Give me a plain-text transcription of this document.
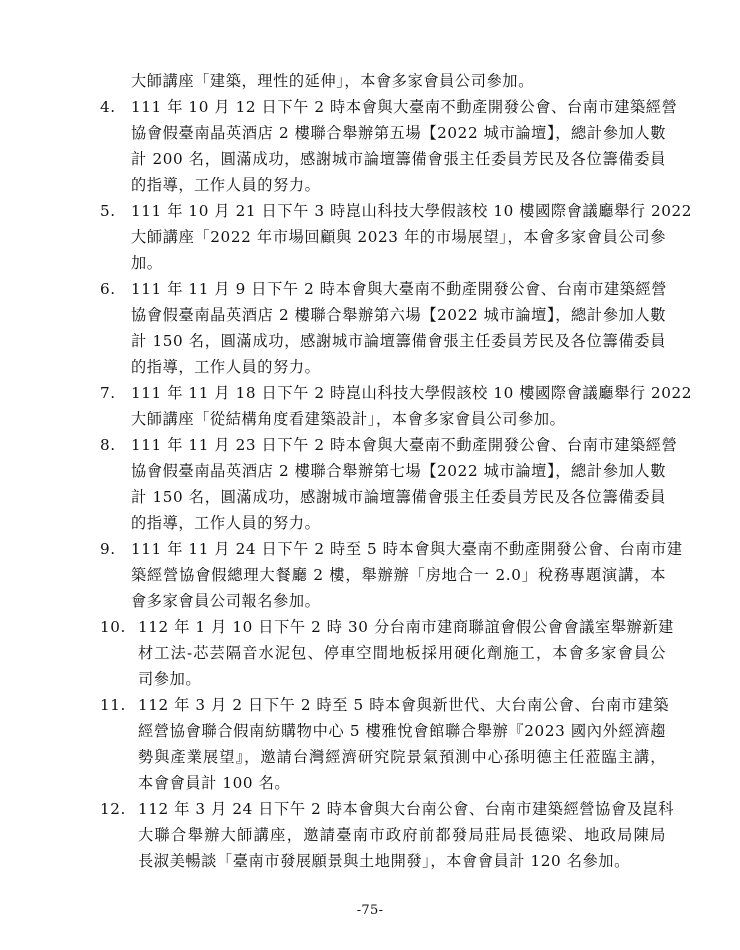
大師講座「建築，理性的延伸」，本會多家會員公司參加。
4. 111 年 10 月 12 日下午 2 時本會與大臺南不動產開發公會、台南市建築經營
協會假臺南晶英酒店 2 樓聯合舉辦第五場【2022 城市論壇】，總計參加人數
計 200 名，圓滿成功，感謝城市論壇籌備會張主任委員芳民及各位籌備委員
的指導，工作人員的努力。
5. 111 年 10 月 21 日下午 3 時崑山科技大學假該校 10 樓國際會議廳舉行 2022
大師講座「2022 年市場回顧與 2023 年的市場展望」，本會多家會員公司參
加。
6. 111 年 11 月 9 日下午 2 時本會與大臺南不動產開發公會、台南市建築經營
協會假臺南晶英酒店 2 樓聯合舉辦第六場【2022 城市論壇】，總計參加人數
計 150 名，圓滿成功，感謝城市論壇籌備會張主任委員芳民及各位籌備委員
的指導，工作人員的努力。
7. 111 年 11 月 18 日下午 2 時崑山科技大學假該校 10 樓國際會議廳舉行 2022
大師講座「從結構角度看建築設計」，本會多家會員公司參加。
8. 111 年 11 月 23 日下午 2 時本會與大臺南不動產開發公會、台南市建築經營
協會假臺南晶英酒店 2 樓聯合舉辦第七場【2022 城市論壇】，總計參加人數
計 150 名，圓滿成功，感謝城市論壇籌備會張主任委員芳民及各位籌備委員
的指導，工作人員的努力。
9. 111 年 11 月 24 日下午 2 時至 5 時本會與大臺南不動產開發公會、台南市建
築經營協會假總理大餐廳 2 樓，舉辦辦「房地合一 2.0」稅務專題演講，本
會多家會員公司報名參加。
10. 112 年 1 月 10 日下午 2 時 30 分台南市建商聯誼會假公會會議室舉辦新建
材工法-芯芸隔音水泥包、停車空間地板採用硬化劑施工，本會多家會員公
司參加。
11. 112 年 3 月 2 日下午 2 時至 5 時本會與新世代、大台南公會、台南市建築
經營協會聯合假南紡購物中心 5 樓雅悅會館聯合舉辦『2023 國內外經濟趨
勢與產業展望』，邀請台灣經濟研究院景氣預測中心孫明德主任蒞臨主講，
本會會員計 100 名。
12. 112 年 3 月 24 日下午 2 時本會與大台南公會、台南市建築經營協會及崑科
大聯合舉辦大師講座，邀請臺南市政府前都發局莊局長德梁、地政局陳局
長淑美暢談「臺南市發展願景與土地開發」，本會會員計 120 名參加。
-75-
